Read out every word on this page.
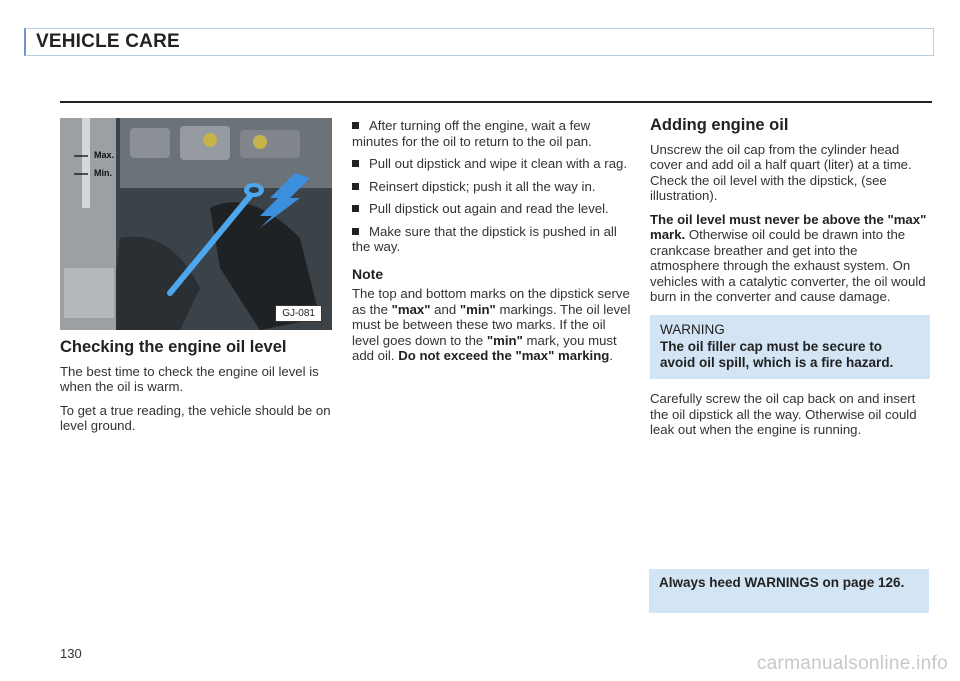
VEHICLE CARE
Max.
Min.
GJ-081
Checking the engine oil level

The best time to check the engine oil level is when the oil is warm.

To get a true reading, the vehicle should be on level ground.

After turning off the engine, wait a few minutes for the oil to return to the oil pan.
Pull out dipstick and wipe it clean with a rag.
Reinsert dipstick; push it all the way in.
Pull dipstick out again and read the level.
Make sure that the dipstick is pushed in all the way.
Note

The top and bottom marks on the dipstick serve as the "max" and "min" markings. The oil level must be between these two marks. If the oil level goes down to the "min" mark, you must add oil. Do not exceed the "max" marking.

Adding engine oil

Unscrew the oil cap from the cylinder head cover and add oil a half quart (liter) at a time. Check the oil level with the dipstick, (see illustration).

The oil level must never be above the "max" mark. Otherwise oil could be drawn into the crankcase breather and get into the atmosphere through the exhaust system. On vehicles with a catalytic converter, the oil would burn in the converter and cause damage.

WARNING
The oil filler cap must be secure to avoid oil spill, which is a fire hazard.

Carefully screw the oil cap back on and insert the oil dipstick all the way. Otherwise oil could leak out when the engine is running.

Always heed WARNINGS on page 126.
130	carmanualsonline.info
